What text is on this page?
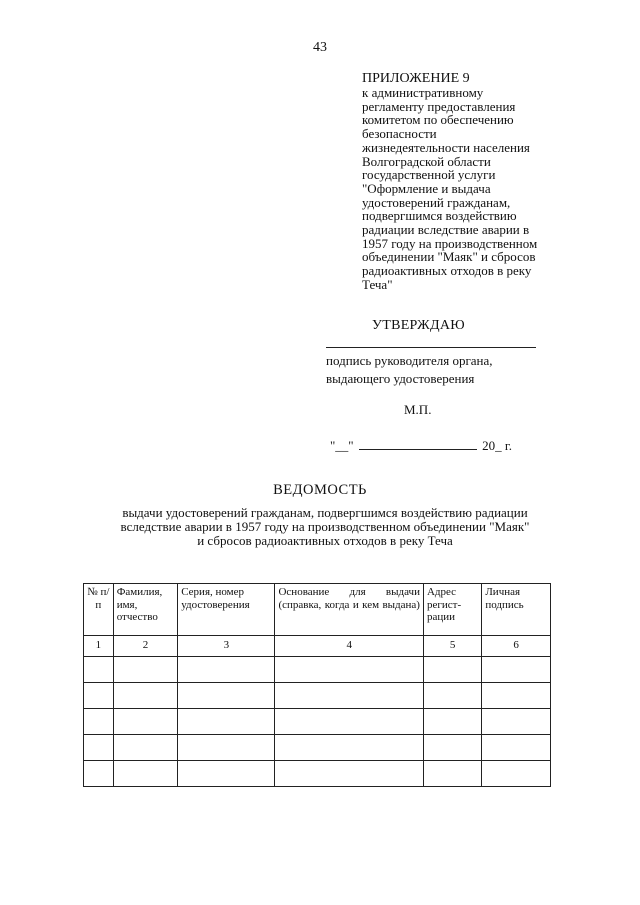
43
ПРИЛОЖЕНИЕ 9
к административному
регламенту предоставления
комитетом по обеспечению
безопасности
жизнедеятельности населения
Волгоградской области
государственной услуги
"Оформление и выдача
удостоверений гражданам,
подвергшимся воздействию
радиации вследствие аварии в
1957 году на производственном
объединении "Маяк" и сбросов
радиоактивных отходов в реку
Теча"
УТВЕРЖДАЮ
подпись руководителя органа,
выдающего удостоверения
М.П.
"__"	20_ г.
ВЕДОМОСТЬ
выдачи удостоверений гражданам, подвергшимся воздействию радиации
вследствие аварии в 1957 году на производственном объединении "Маяк"
и сбросов радиоактивных отходов в реку Теча
№ п/п	Фамилия, имя, отчество	Серия, номер удостоверения	Основание для выдачи (справка, когда и кем выдана)	Адрес регист-рации	Личная подпись
1	2	3	4	5	6
